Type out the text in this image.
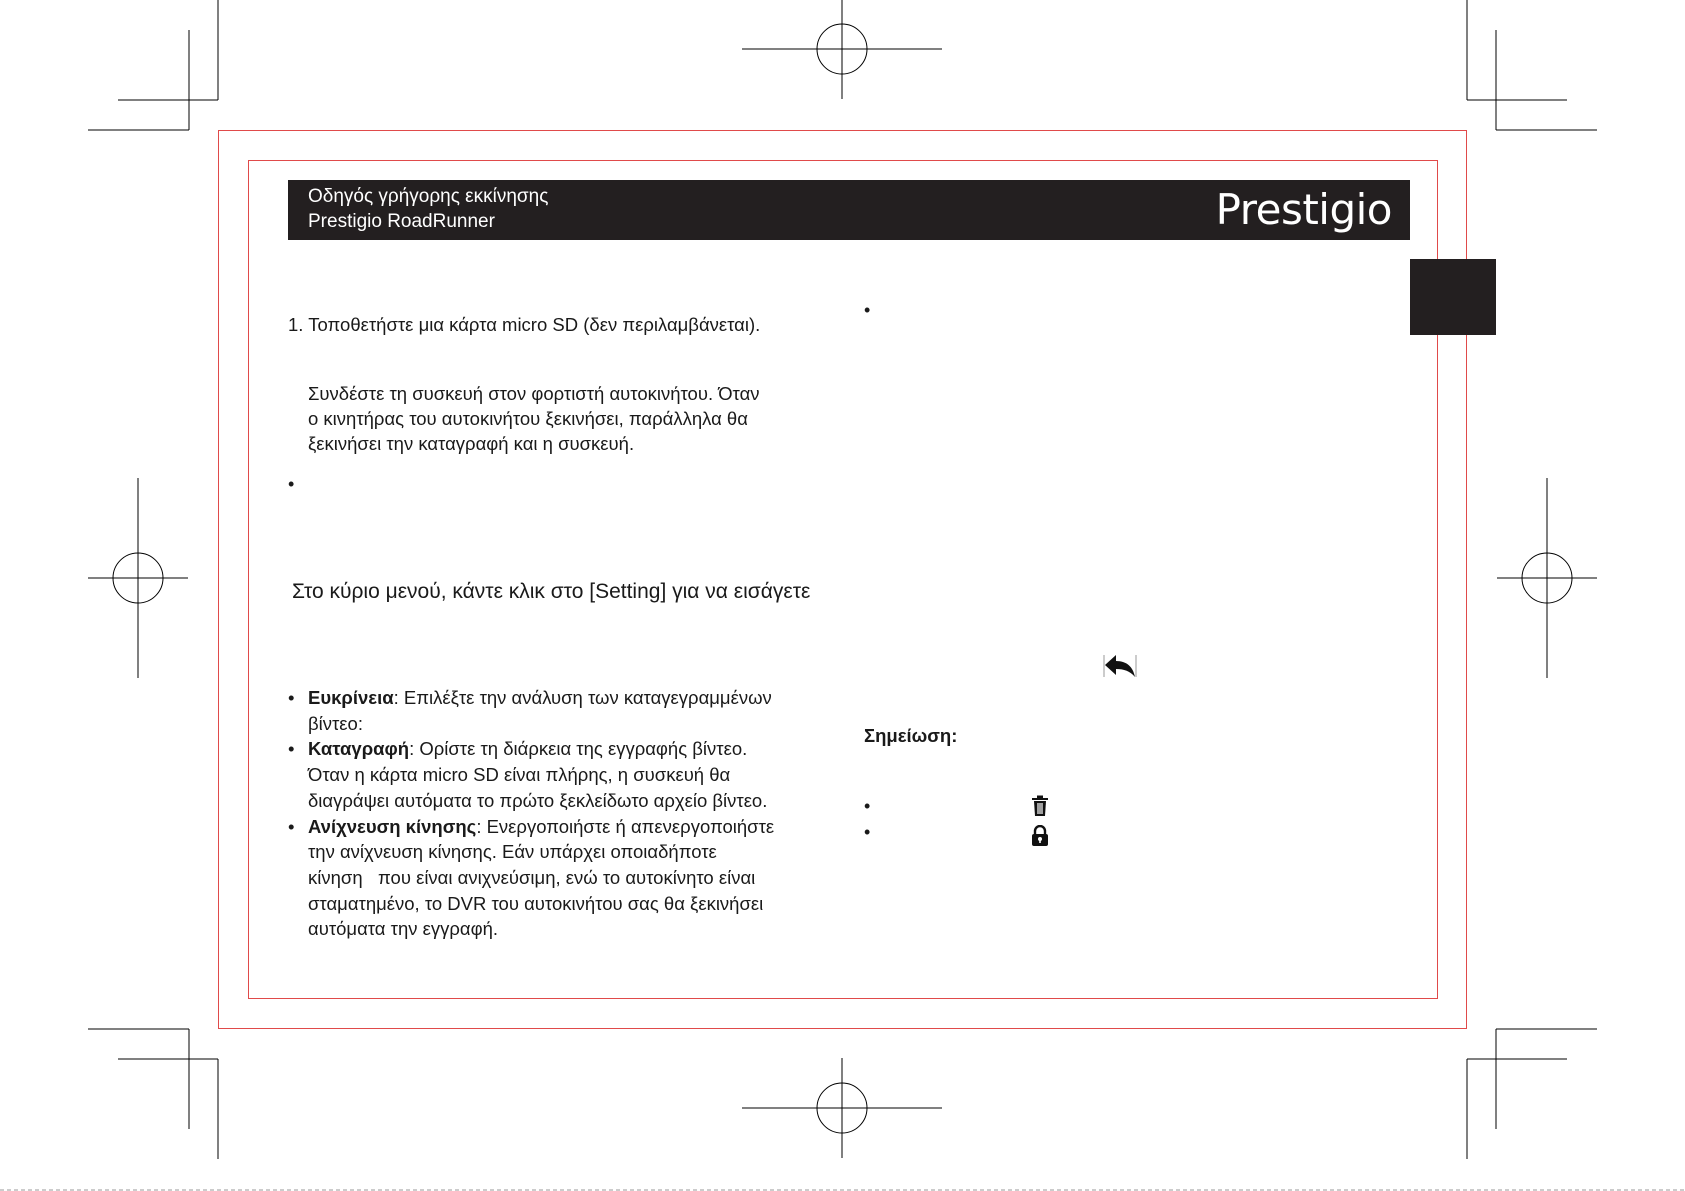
Οδηγός γρήγορης εκκίνησης
Prestigio RoadRunner	Prestigio
1. Τοποθετήστε μια κάρτα micro SD (δεν περιλαμβάνεται).
Συνδέστε τη συσκευή στον φορτιστή αυτοκινήτου. Όταν
ο κινητήρας του αυτοκινήτου ξεκινήσει, παράλληλα θα
ξεκινήσει την καταγραφή και η συσκευή.
•
Στο κύριο μενού, κάντε κλικ στο [Setting] για να εισάγετε
• Ευκρίνεια: Επιλέξτε την ανάλυση των καταγεγραμμένων
βίντεο:
• Καταγραφή: Ορίστε τη διάρκεια της εγγραφής βίντεο.
Όταν η κάρτα micro SD είναι πλήρης, η συσκευή θα
διαγράψει αυτόματα το πρώτο ξεκλείδωτο αρχείο βίντεο.
• Ανίχνευση κίνησης: Ενεργοποιήστε ή απενεργοποιήστε
την ανίχνευση κίνησης. Εάν υπάρχει οποιαδήποτε
κίνηση   που είναι ανιχνεύσιμη, ενώ το αυτοκίνητο είναι
σταματημένο, το DVR του αυτοκινήτου σας θα ξεκινήσει
αυτόματα την εγγραφή.
•
Σημείωση:
•
•
